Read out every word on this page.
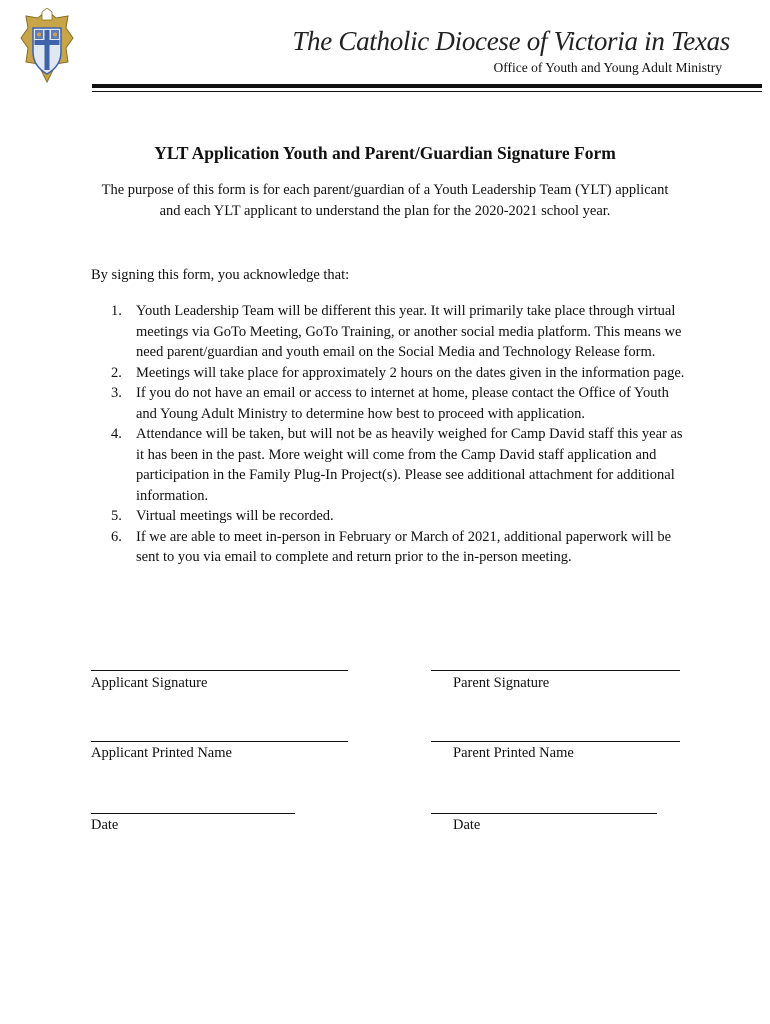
The Catholic Diocese of Victoria in Texas
Office of Youth and Young Adult Ministry
YLT Application Youth and Parent/Guardian Signature Form
The purpose of this form is for each parent/guardian of a Youth Leadership Team (YLT) applicant and each YLT applicant to understand the plan for the 2020-2021 school year.
By signing this form, you acknowledge that:
1. Youth Leadership Team will be different this year. It will primarily take place through virtual meetings via GoTo Meeting, GoTo Training, or another social media platform. This means we need parent/guardian and youth email on the Social Media and Technology Release form.
2. Meetings will take place for approximately 2 hours on the dates given in the information page.
3. If you do not have an email or access to internet at home, please contact the Office of Youth and Young Adult Ministry to determine how best to proceed with application.
4. Attendance will be taken, but will not be as heavily weighed for Camp David staff this year as it has been in the past. More weight will come from the Camp David staff application and participation in the Family Plug-In Project(s). Please see additional attachment for additional information.
5. Virtual meetings will be recorded.
6. If we are able to meet in-person in February or March of 2021, additional paperwork will be sent to you via email to complete and return prior to the in-person meeting.
Applicant Signature	Parent Signature
Applicant Printed Name	Parent Printed Name
Date	Date
